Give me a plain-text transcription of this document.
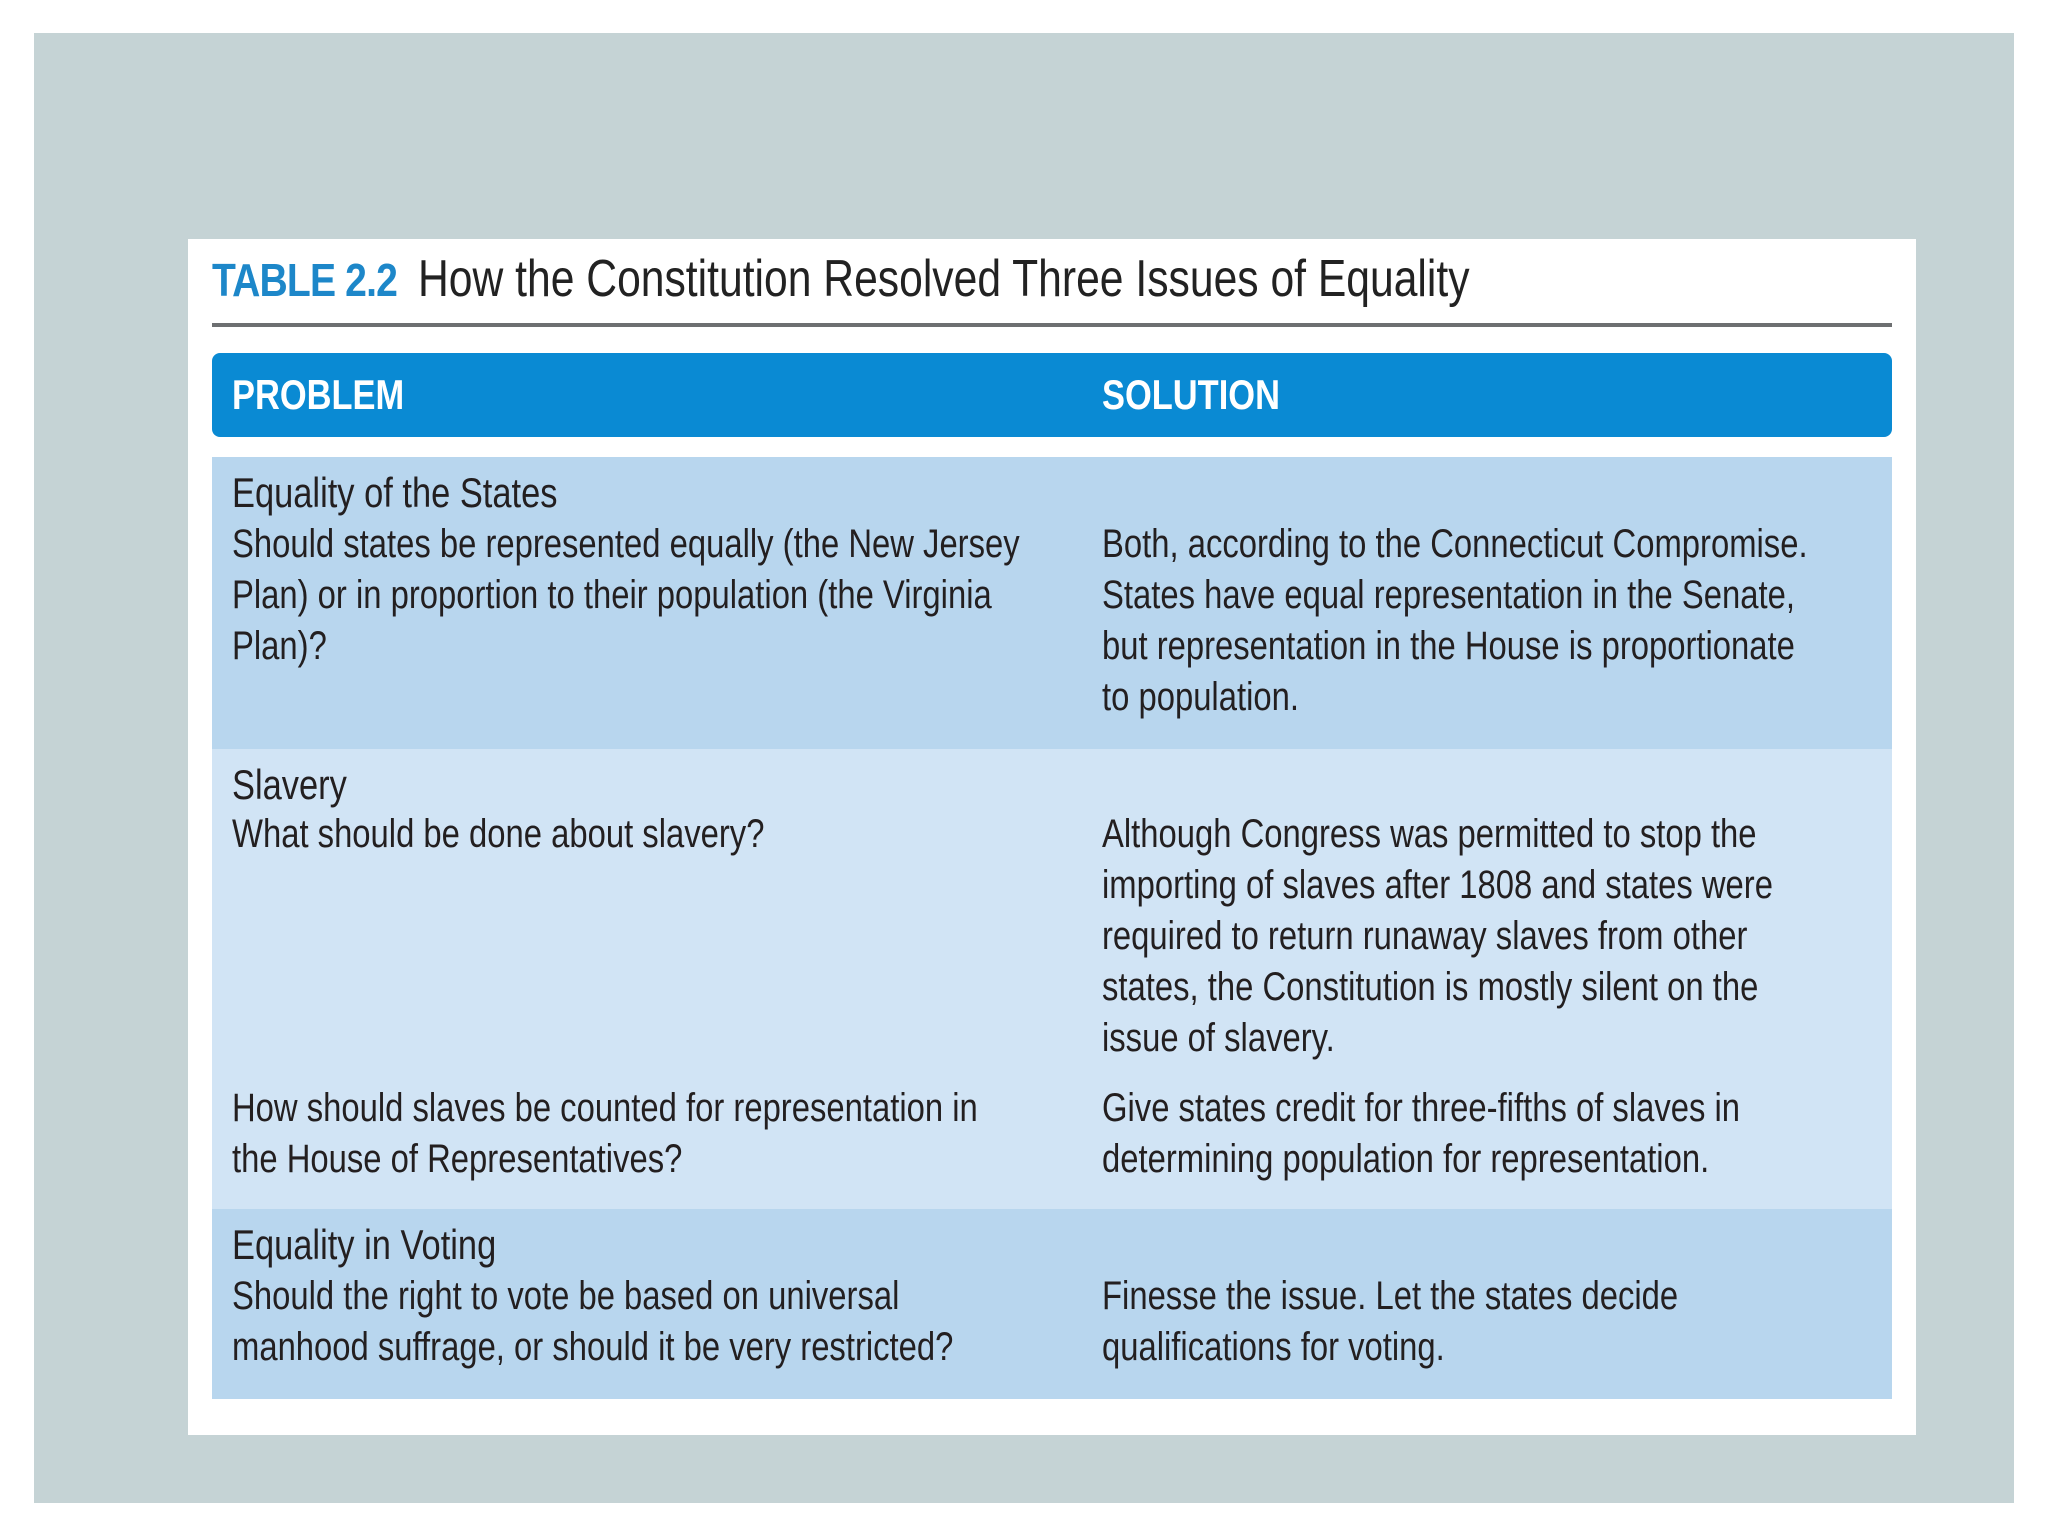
TABLE 2.2 How the Constitution Resolved Three Issues of Equality
PROBLEM	SOLUTION
Equality of the States
Should states be represented equally (the New Jersey
Plan) or in proportion to their population (the Virginia
Plan)?
Both, according to the Connecticut Compromise.
States have equal representation in the Senate,
but representation in the House is proportionate
to population.
Slavery
What should be done about slavery?	Although Congress was permitted to stop the
importing of slaves after 1808 and states were
required to return runaway slaves from other
states, the Constitution is mostly silent on the
issue of slavery.
How should slaves be counted for representation in
the House of Representatives?
Give states credit for three-fifths of slaves in
determining population for representation.
Equality in Voting
Should the right to vote be based on universal
manhood suffrage, or should it be very restricted?
Finesse the issue. Let the states decide
qualifications for voting.
